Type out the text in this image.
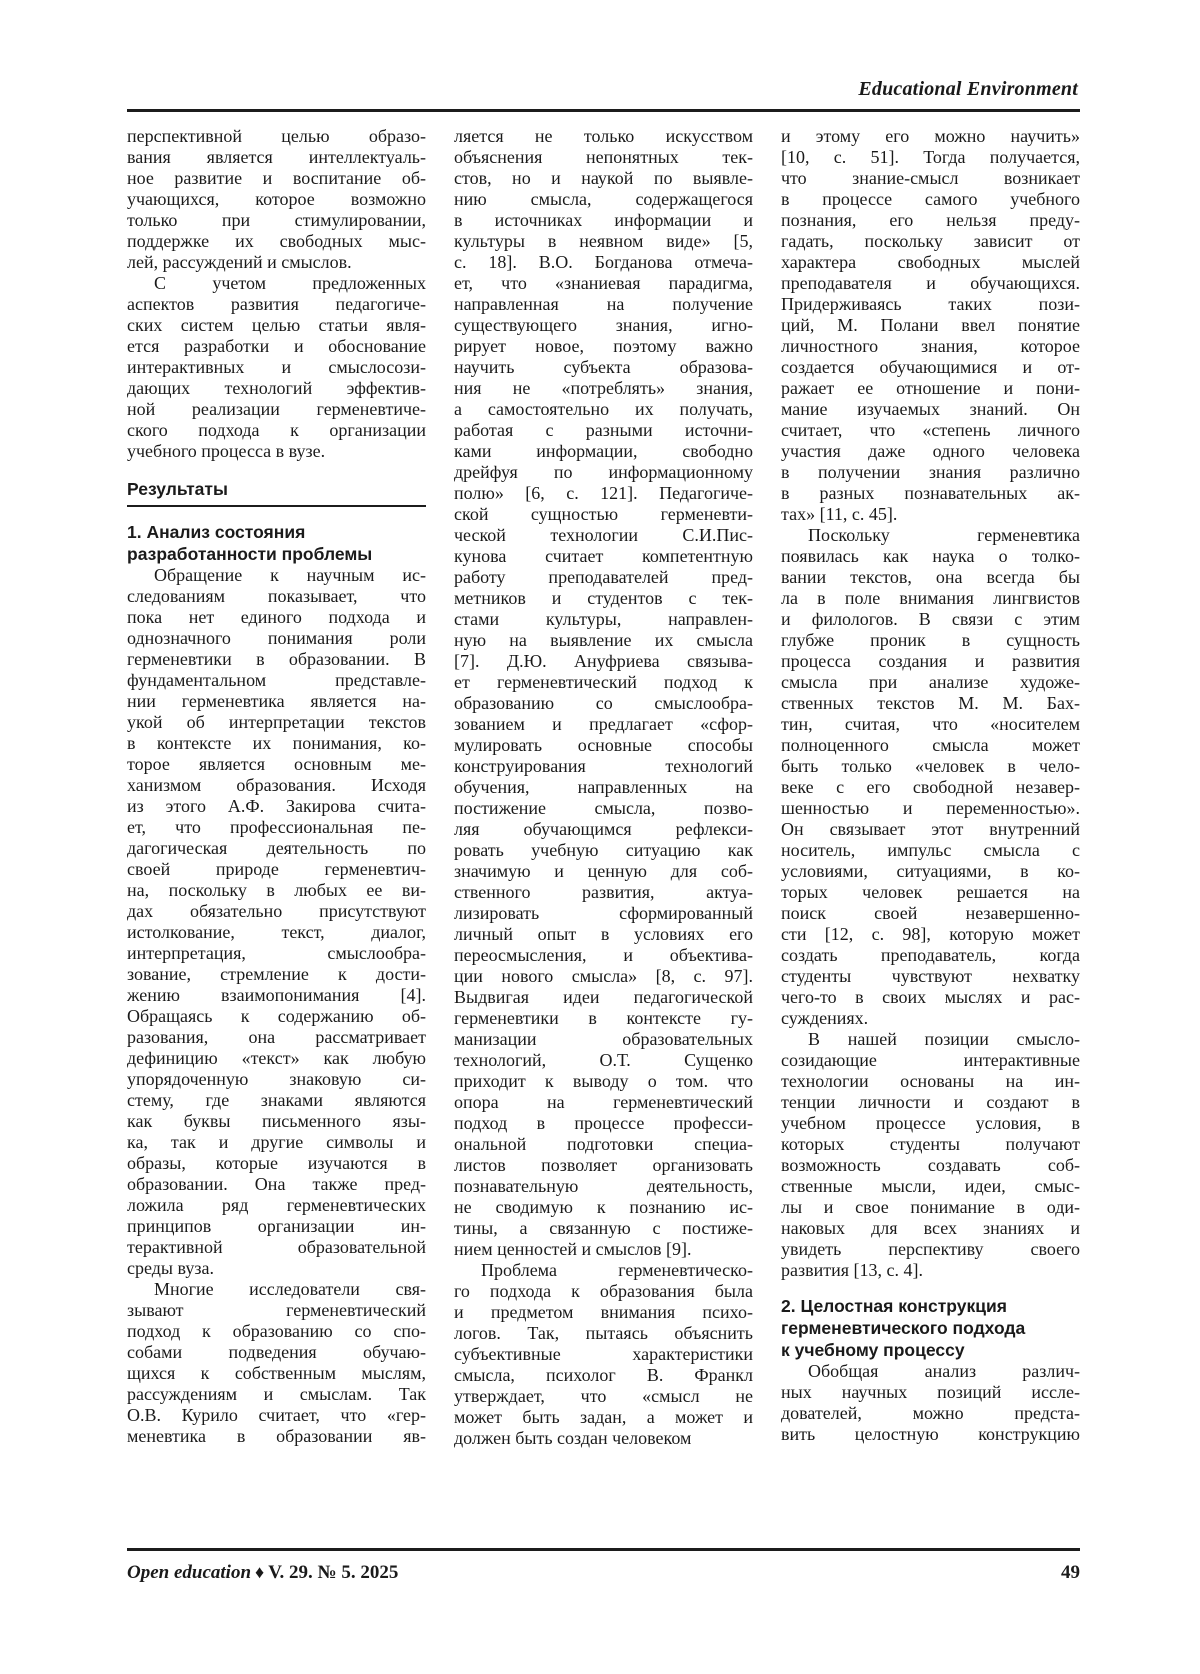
Educational Environment
перспективной целью образо-
вания является интеллектуаль-
ное развитие и воспитание об-
учающихся, которое возможно
только при стимулировании,
поддержке их свободных мыс-
лей, рассуждений и смыслов.
С учетом предложенных
аспектов развития педагогиче-
ских систем целью статьи явля-
ется разработки и обоснование
интерактивных и смыслосози-
дающих технологий эффектив-
ной реализации герменевтиче-
ского подхода к организации
учебного процесса в вузе.
Результаты
1. Анализ состояния
разработанности проблемы
Обращение к научным ис-
следованиям показывает, что
пока нет единого подхода и
однозначного понимания роли
герменевтики в образовании. В
фундаментальном представле-
нии герменевтика является на-
укой об интерпретации текстов
в контексте их понимания, ко-
торое является основным ме-
ханизмом образования. Исходя
из этого А.Ф. Закирова счита-
ет, что профессиональная пе-
дагогическая деятельность по
своей природе герменевтич-
на, поскольку в любых ее ви-
дах обязательно присутствуют
истолкование, текст, диалог,
интерпретация, смыслообра-
зование, стремление к дости-
жению взаимопонимания [4].
Обращаясь к содержанию об-
разования, она рассматривает
дефиницию «текст» как любую
упорядоченную знаковую си-
стему, где знаками являются
как буквы письменного язы-
ка, так и другие символы и
образы, которые изучаются в
образовании. Она также пред-
ложила ряд герменевтических
принципов организации ин-
терактивной образовательной
среды вуза.
Многие исследователи свя-
зывают герменевтический
подход к образованию со спо-
собами подведения обучаю-
щихся к собственным мыслям,
рассуждениям и смыслам. Так
О.В. Курило считает, что «гер-
меневтика в образовании яв-
ляется не только искусством
объяснения непонятных тек-
стов, но и наукой по выявле-
нию смысла, содержащегося
в источниках информации и
культуры в неявном виде» [5,
с. 18]. В.О. Богданова отмеча-
ет, что «знаниевая парадигма,
направленная на получение
существующего знания, игно-
рирует новое, поэтому важно
научить субъекта образова-
ния не «потреблять» знания,
а самостоятельно их получать,
работая с разными источни-
ками информации, свободно
дрейфуя по информационному
полю» [6, с. 121]. Педагогиче-
ской сущностью герменевти-
ческой технологии С.И.Пис-
кунова считает компетентную
работу преподавателей пред-
метников и студентов с тек-
стами культуры, направлен-
ную на выявление их смысла
[7]. Д.Ю. Ануфриева связыва-
ет герменевтический подход к
образованию со смыслообра-
зованием и предлагает «сфор-
мулировать основные способы
конструирования технологий
обучения, направленных на
постижение смысла, позво-
ляя обучающимся рефлекси-
ровать учебную ситуацию как
значимую и ценную для соб-
ственного развития, актуа-
лизировать сформированный
личный опыт в условиях его
переосмысления, и объектива-
ции нового смысла» [8, с. 97].
Выдвигая идеи педагогической
герменевтики в контексте гу-
манизации образовательных
технологий, О.Т. Сущенко
приходит к выводу о том. что
опора на герменевтический
подход в процессе професси-
ональной подготовки специа-
листов позволяет организовать
познавательную деятельность,
не сводимую к познанию ис-
тины, а связанную с постиже-
нием ценностей и смыслов [9].
Проблема герменевтическо-
го подхода к образования была
и предметом внимания психо-
логов. Так, пытаясь объяснить
субъективные характеристики
смысла, психолог В. Франкл
утверждает, что «смысл не
может быть задан, а может и
должен быть создан человеком
и этому его можно научить»
[10, с. 51]. Тогда получается,
что знание-смысл возникает
в процессе самого учебного
познания, его нельзя преду-
гадать, поскольку зависит от
характера свободных мыслей
преподавателя и обучающихся.
Придерживаясь таких пози-
ций, М. Полани ввел понятие
личностного знания, которое
создается обучающимися и от-
ражает ее отношение и пони-
мание изучаемых знаний. Он
считает, что «степень личного
участия даже одного человека
в получении знания различно
в разных познавательных ак-
тах» [11, с. 45].
Поскольку герменевтика
появилась как наука о толко-
вании текстов, она всегда бы
ла в поле внимания лингвистов
и филологов. В связи с этим
глубже проник в сущность
процесса создания и развития
смысла при анализе художе-
ственных текстов М. М. Бах-
тин, считая, что «носителем
полноценного смысла может
быть только «человек в чело-
веке с его свободной незавер-
шенностью и переменностью».
Он связывает этот внутренний
носитель, импульс смысла с
условиями, ситуациями, в ко-
торых человек решается на
поиск своей незавершенно-
сти [12, с. 98], которую может
создать преподаватель, когда
студенты чувствуют нехватку
чего-то в своих мыслях и рас-
суждениях.
В нашей позиции смысло-
созидающие интерактивные
технологии основаны на ин-
тенции личности и создают в
учебном процессе условия, в
которых студенты получают
возможность создавать соб-
ственные мысли, идеи, смыс-
лы и свое понимание в оди-
наковых для всех знаниях и
увидеть перспективу своего
развития [13, с. 4].
2. Целостная конструкция
герменевтического подхода
к учебному процессу
Обобщая анализ различ-
ных научных позиций иссле-
дователей, можно предста-
вить целостную конструкцию
Open education ♦ V. 29. № 5. 2025	49
